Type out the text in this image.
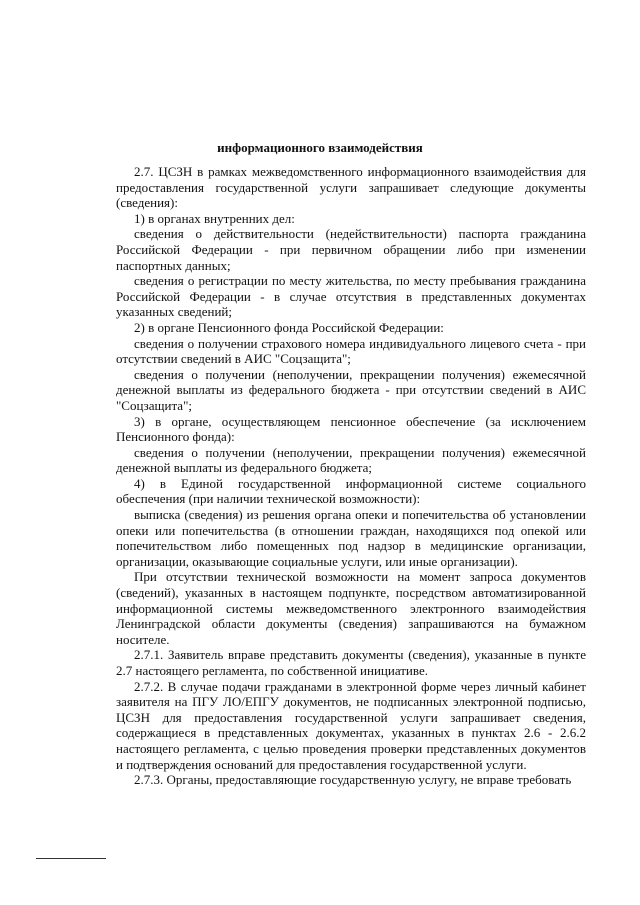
информационного взаимодействия

2.7. ЦСЗН в рамках межведомственного информационного взаимодействия для предоставления государственной услуги запрашивает следующие документы (сведения):

1) в органах внутренних дел:

сведения о действительности (недействительности) паспорта гражданина Российской Федерации - при первичном обращении либо при изменении паспортных данных;

сведения о регистрации по месту жительства, по месту пребывания гражданина Российской Федерации - в случае отсутствия в представленных документах указанных сведений;

2) в органе Пенсионного фонда Российской Федерации:

сведения о получении страхового номера индивидуального лицевого счета - при отсутствии сведений в АИС "Соцзащита";

сведения о получении (неполучении, прекращении получения) ежемесячной денежной выплаты из федерального бюджета - при отсутствии сведений в АИС "Соцзащита";

3) в органе, осуществляющем пенсионное обеспечение (за исключением Пенсионного фонда):

сведения о получении (неполучении, прекращении получения) ежемесячной денежной выплаты из федерального бюджета;

4) в Единой государственной информационной системе социального обеспечения (при наличии технической возможности):

выписка (сведения) из решения органа опеки и попечительства об установлении опеки или попечительства (в отношении граждан, находящихся под опекой или попечительством либо помещенных под надзор в медицинские организации, организации, оказывающие социальные услуги, или иные организации).

При отсутствии технической возможности на момент запроса документов (сведений), указанных в настоящем подпункте, посредством автоматизированной информационной системы межведомственного электронного взаимодействия Ленинградской области документы (сведения) запрашиваются на бумажном носителе.

2.7.1. Заявитель вправе представить документы (сведения), указанные в пункте 2.7 настоящего регламента, по собственной инициативе.

2.7.2. В случае подачи гражданами в электронной форме через личный кабинет заявителя на ПГУ ЛО/ЕПГУ документов, не подписанных электронной подписью, ЦСЗН для предоставления государственной услуги запрашивает сведения, содержащиеся в представленных документах, указанных в пунктах 2.6 - 2.6.2 настоящего регламента, с целью проведения проверки представленных документов и подтверждения оснований для предоставления государственной услуги.

2.7.3. Органы, предоставляющие государственную услугу, не вправе требовать
